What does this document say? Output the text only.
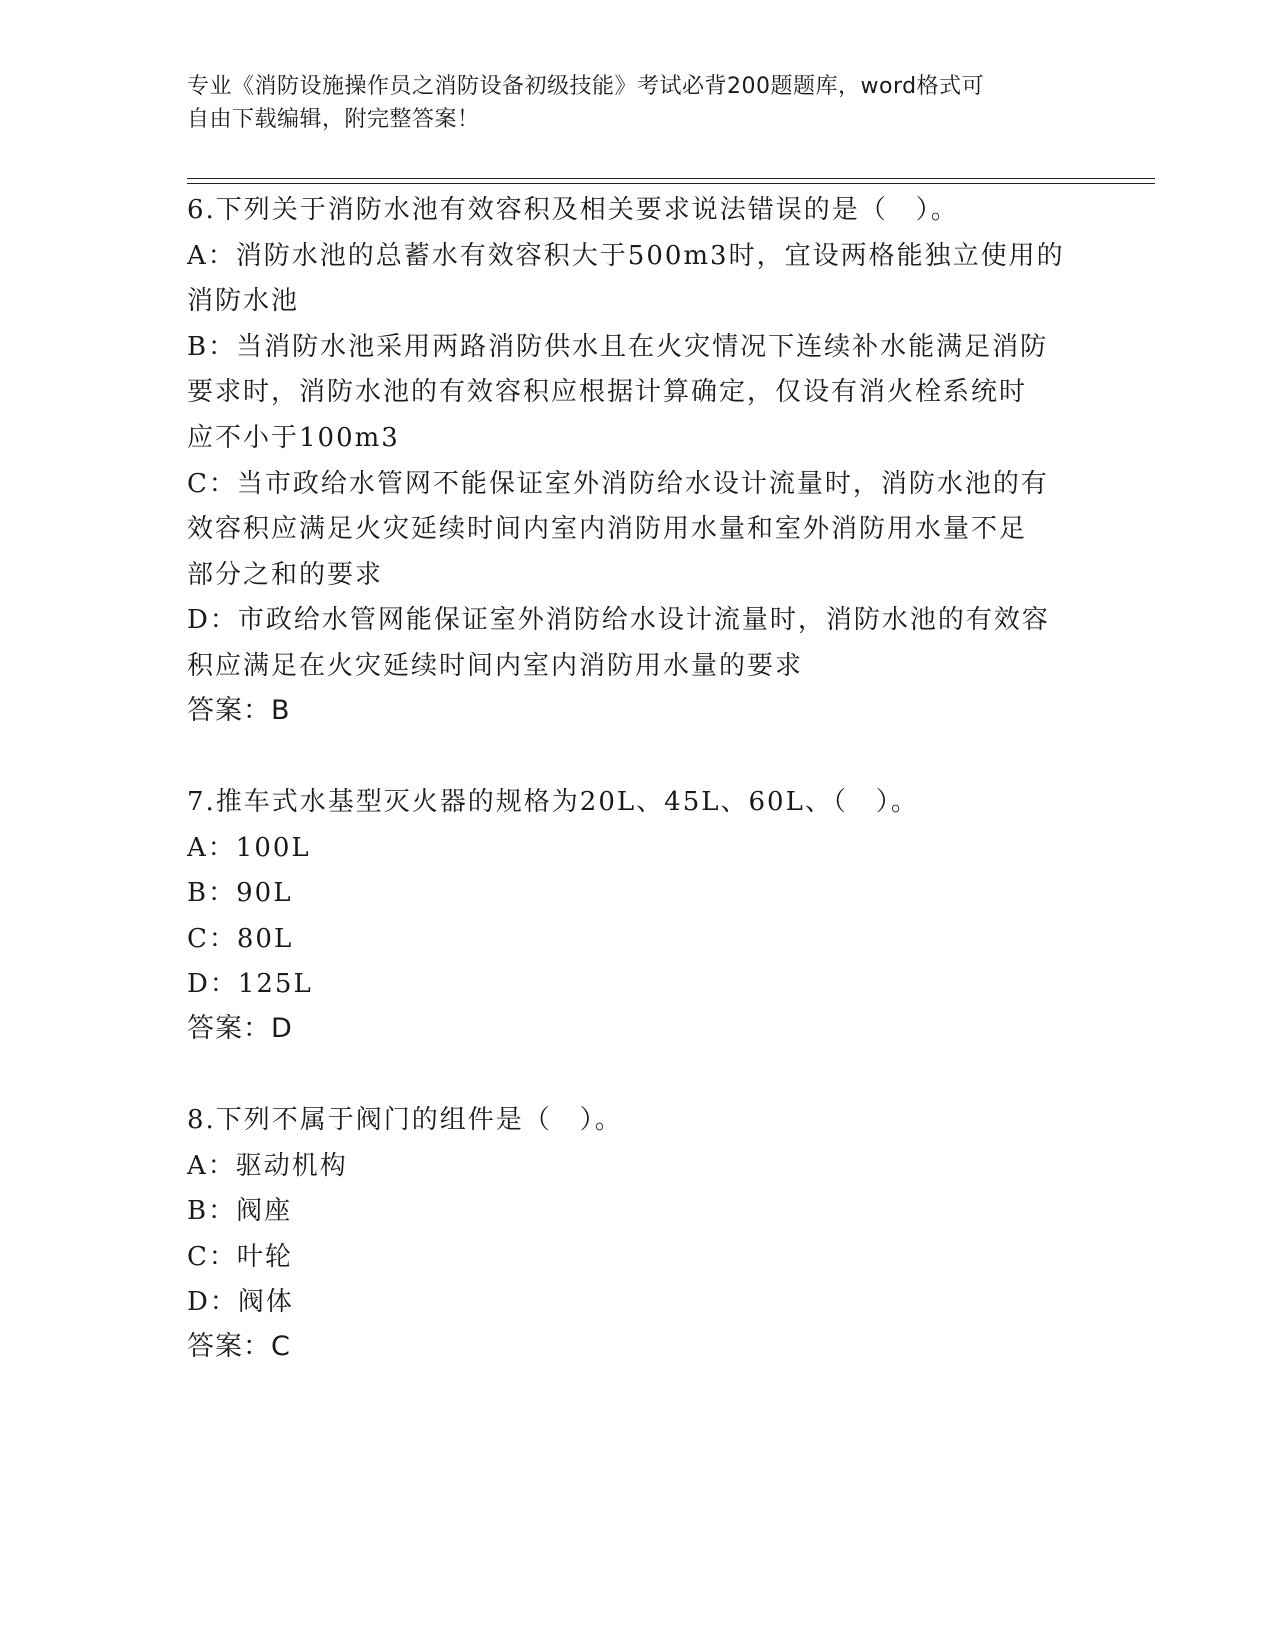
专业《消防设施操作员之消防设备初级技能》考试必背200题题库，word格式可
自由下载编辑，附完整答案！
6.下列关于消防水池有效容积及相关要求说法错误的是（　）。
A：消防水池的总蓄水有效容积大于500m3时，宜设两格能独立使用的
消防水池
B：当消防水池采用两路消防供水且在火灾情况下连续补水能满足消防
要求时，消防水池的有效容积应根据计算确定，仅设有消火栓系统时
应不小于100m3
C：当市政给水管网不能保证室外消防给水设计流量时，消防水池的有
效容积应满足火灾延续时间内室内消防用水量和室外消防用水量不足
部分之和的要求
D：市政给水管网能保证室外消防给水设计流量时，消防水池的有效容
积应满足在火灾延续时间内室内消防用水量的要求
答案：B
7.推车式水基型灭火器的规格为20L、45L、60L、（　）。
A：100L
B：90L
C：80L
D：125L
答案：D
8.下列不属于阀门的组件是（　）。
A：驱动机构
B：阀座
C：叶轮
D：阀体
答案：C
